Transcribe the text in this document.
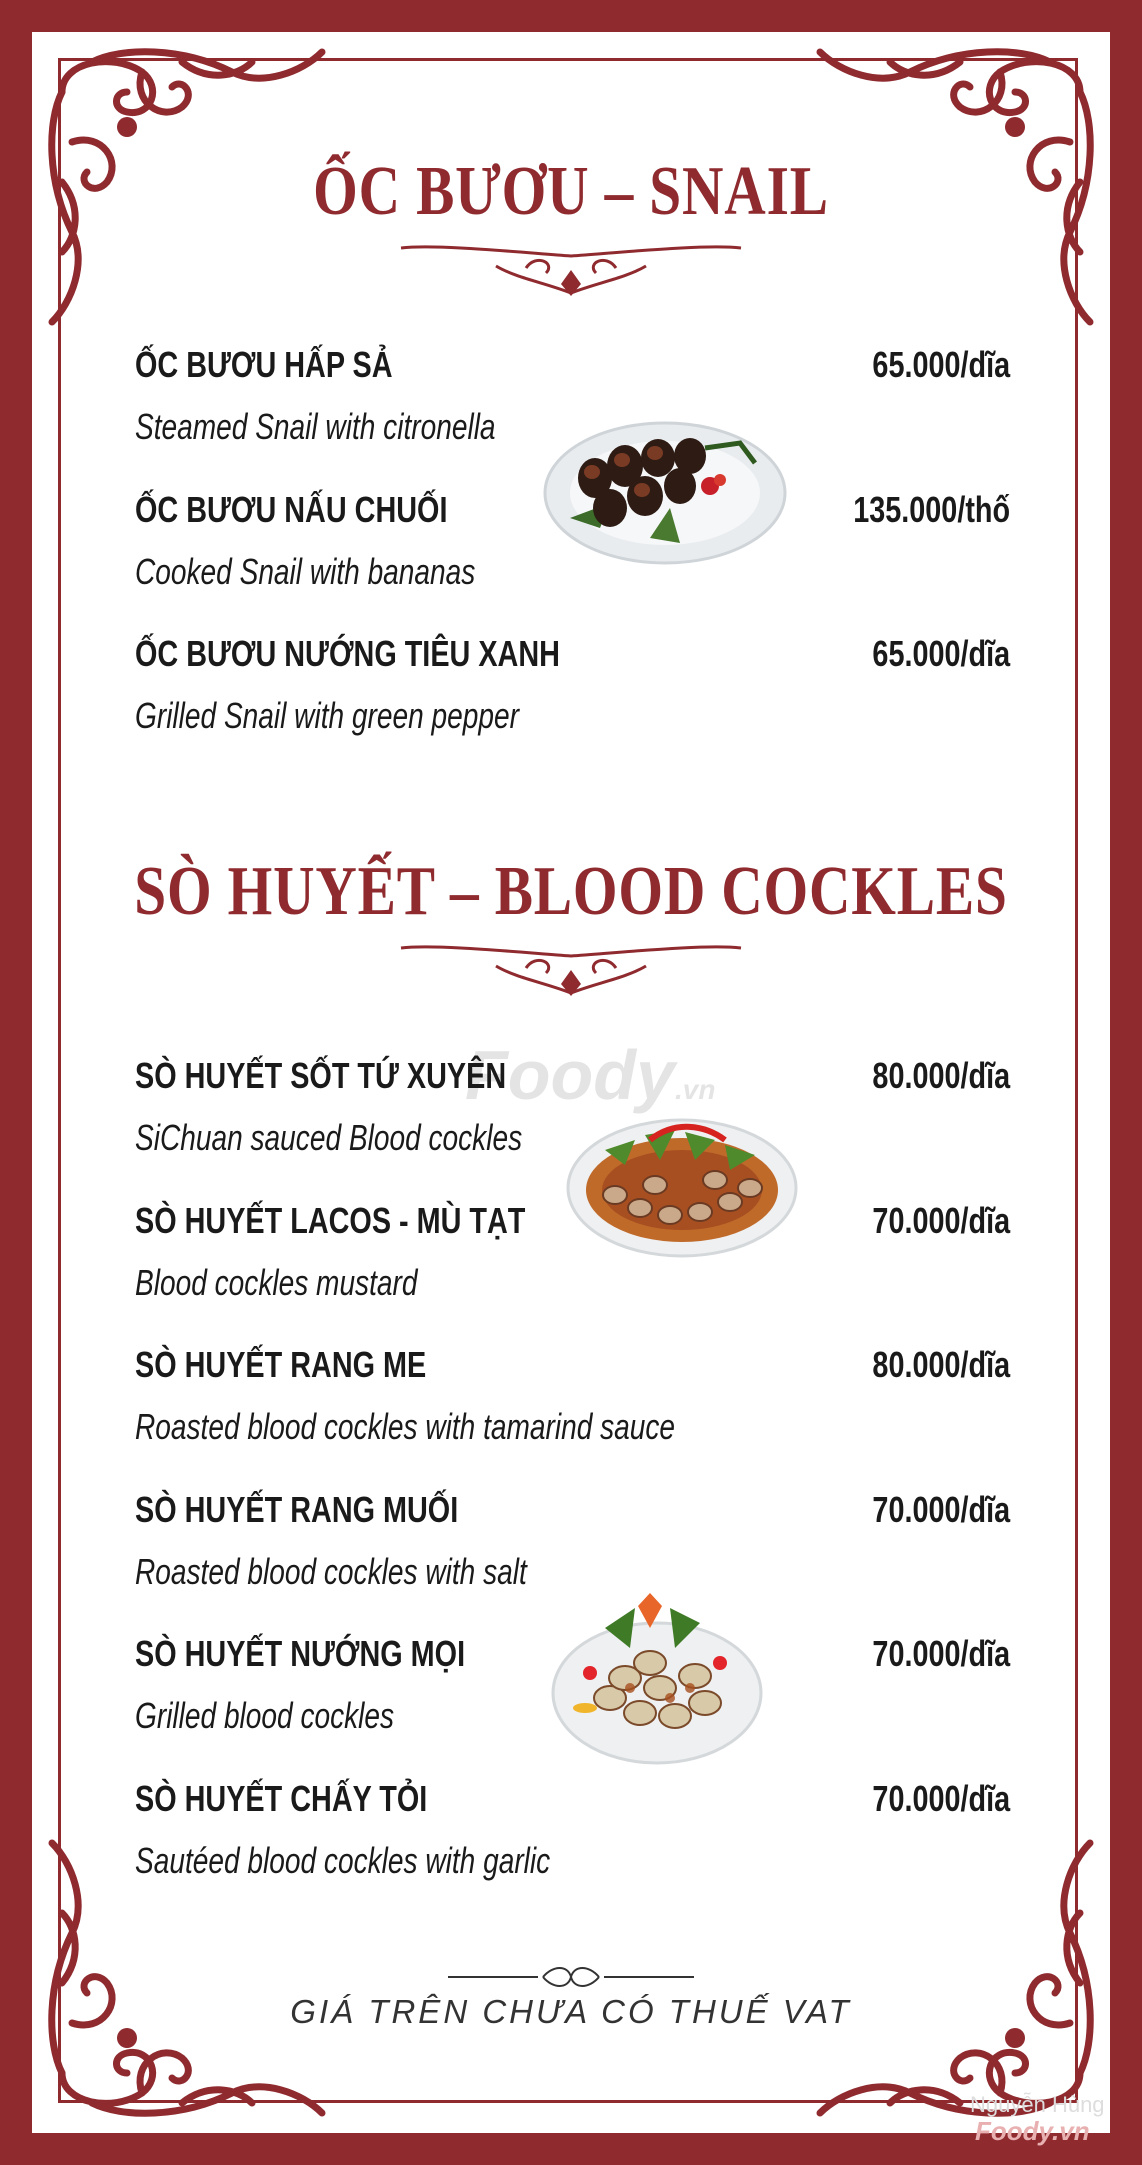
ỐC BƯƠU – SNAIL
ỐC BƯƠU HẤP SẢ	65.000/dĩa
Steamed Snail with citronella
ỐC BƯƠU NẤU CHUỐI	135.000/thố
Cooked Snail with bananas
ỐC BƯƠU NƯỚNG TIÊU XANH	65.000/dĩa
Grilled Snail with green pepper
SÒ HUYẾT – BLOOD COCKLES
Foody.vn
SÒ HUYẾT SỐT TỨ XUYÊN	80.000/dĩa
SiChuan sauced Blood cockles
SÒ HUYẾT LACOS - MÙ TẠT	70.000/dĩa
Blood cockles mustard
SÒ HUYẾT RANG ME	80.000/dĩa
Roasted blood cockles with tamarind sauce
SÒ HUYẾT RANG MUỐI	70.000/dĩa
Roasted blood cockles with salt
SÒ HUYẾT NƯỚNG MỌI	70.000/dĩa
Grilled blood cockles
SÒ HUYẾT CHẤY TỎI	70.000/dĩa
Sautéed blood cockles with garlic
GIÁ TRÊN CHƯA CÓ THUẾ VAT
Nguyễn Hùng
Foody.vn
